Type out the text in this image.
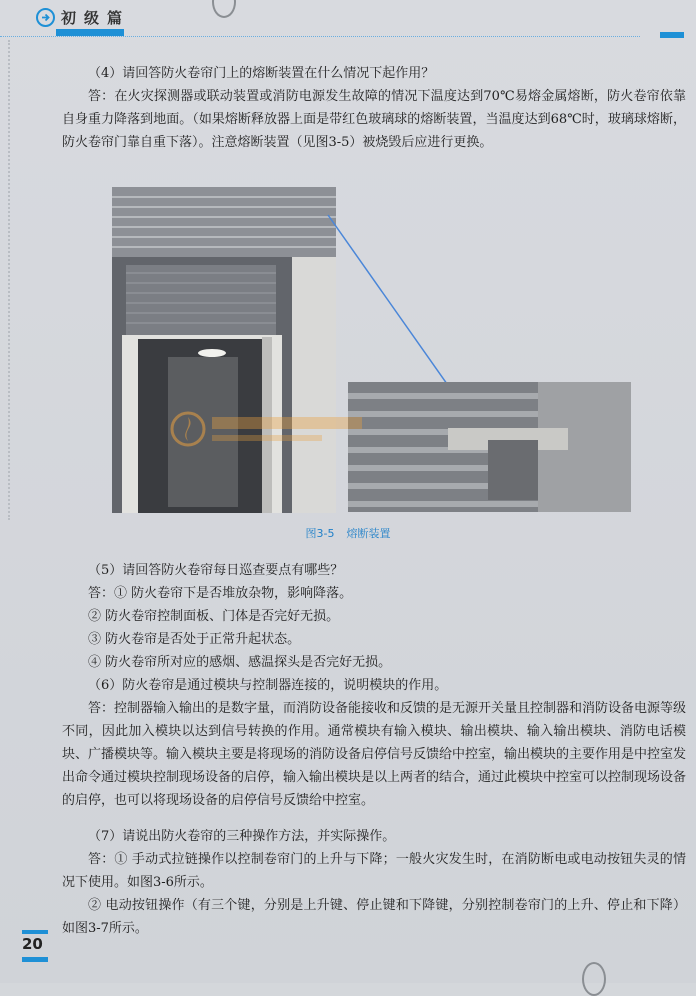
初级篇

（4）请回答防火卷帘门上的熔断装置在什么情况下起作用？

答：在火灾探测器或联动装置或消防电源发生故障的情况下温度达到70℃易熔金属熔断，防火卷帘依靠自身重力降落到地面。（如果熔断释放器上面是带红色玻璃球的熔断装置，当温度达到68℃时，玻璃球熔断，防火卷帘门靠自重下落）。注意熔断装置（见图3-5）被烧毁后应进行更换。

图3-5 熔断装置

（5）请回答防火卷帘每日巡查要点有哪些？

答：① 防火卷帘下是否堆放杂物，影响降落。

② 防火卷帘控制面板、门体是否完好无损。

③ 防火卷帘是否处于正常升起状态。

④ 防火卷帘所对应的感烟、感温探头是否完好无损。

（6）防火卷帘是通过模块与控制器连接的，说明模块的作用。

答：控制器输入输出的是数字量，而消防设备能接收和反馈的是无源开关量且控制器和消防设备电源等级不同，因此加入模块以达到信号转换的作用。通常模块有输入模块、输出模块、输入输出模块、消防电话模块、广播模块等。输入模块主要是将现场的消防设备启停信号反馈给中控室，输出模块的主要作用是中控室发出命令通过模块控制现场设备的启停，输入输出模块是以上两者的结合，通过此模块中控室可以控制现场设备的启停，也可以将现场设备的启停信号反馈给中控室。

（7）请说出防火卷帘的三种操作方法，并实际操作。

答：① 手动式拉链操作以控制卷帘门的上升与下降；一般火灾发生时，在消防断电或电动按钮失灵的情况下使用。如图3-6所示。

② 电动按钮操作（有三个键，分别是上升键、停止键和下降键，分别控制卷帘门的上升、停止和下降）如图3-7所示。

20
